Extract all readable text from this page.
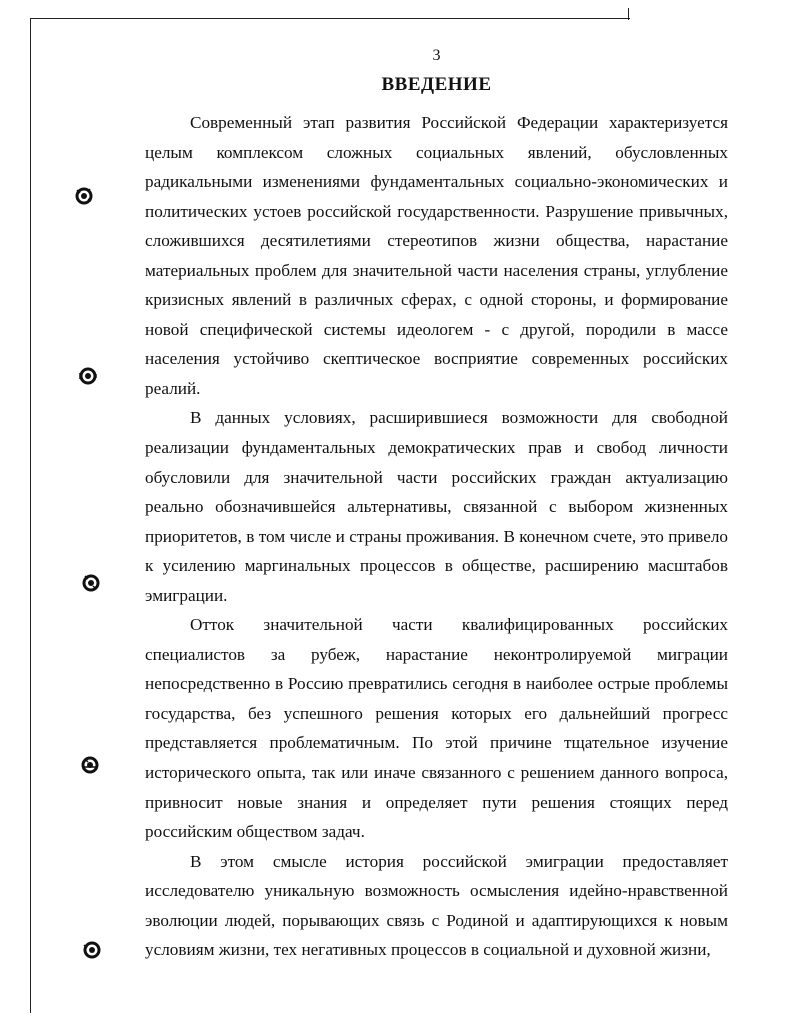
3
ВВЕДЕНИЕ

Современный этап развития Российской Федерации характеризуется целым комплексом сложных социальных явлений, обусловленных радикальными изменениями фундаментальных социально-экономических и политических устоев российской государственности. Разрушение привычных, сложившихся десятилетиями стереотипов жизни общества, нарастание материальных проблем для значительной части населения страны, углубление кризисных явлений в различных сферах, с одной стороны, и формирование новой специфической системы идеологем - с другой, породили в массе населения устойчиво скептическое восприятие современных российских реалий.

В данных условиях, расширившиеся возможности для свободной реализации фундаментальных демократических прав и свобод личности обусловили для значительной части российских граждан актуализацию реально обозначившейся альтернативы, связанной с выбором жизненных приоритетов, в том числе и страны проживания. В конечном счете, это привело к усилению маргинальных процессов в обществе, расширению масштабов эмиграции.

Отток значительной части квалифицированных российских специалистов за рубеж, нарастание неконтролируемой миграции непосредственно в Россию превратились сегодня в наиболее острые проблемы государства, без успешного решения которых его дальнейший прогресс представляется проблематичным. По этой причине тщательное изучение исторического опыта, так или иначе связанного с решением данного вопроса, привносит новые знания и определяет пути решения стоящих перед российским обществом задач.

В этом смысле история российской эмиграции предоставляет исследователю уникальную возможность осмысления идейно-нравственной эволюции людей, порывающих связь с Родиной и адаптирующихся к новым условиям жизни, тех негативных процессов в социальной и духовной жизни,
